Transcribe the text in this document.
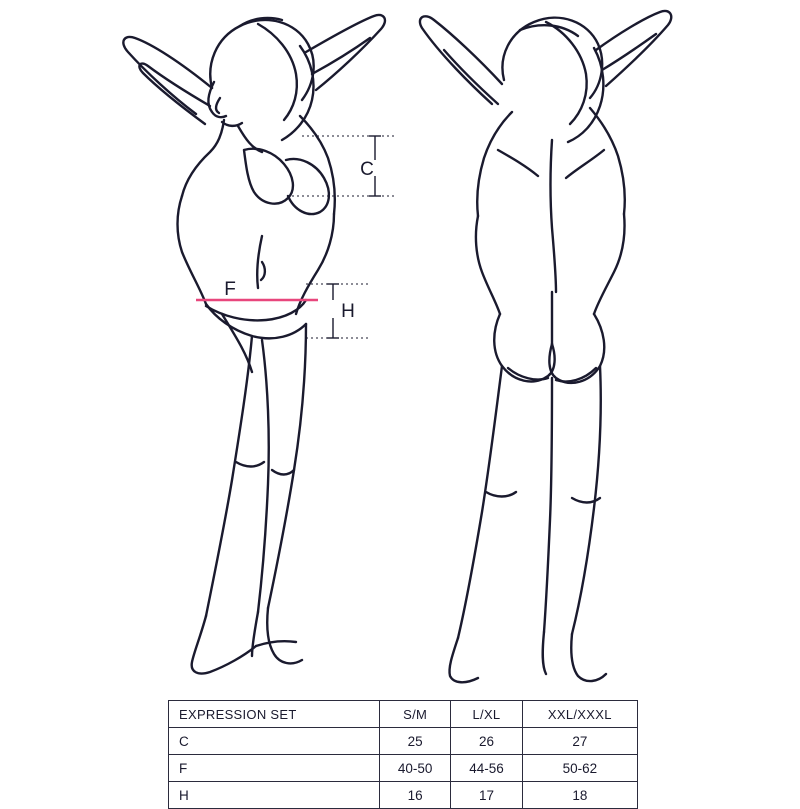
C
F
H
EXPRESSION SET	S/M	L/XL	XXL/XXXL
C	25	26	27
F	40-50	44-56	50-62
H	16	17	18
